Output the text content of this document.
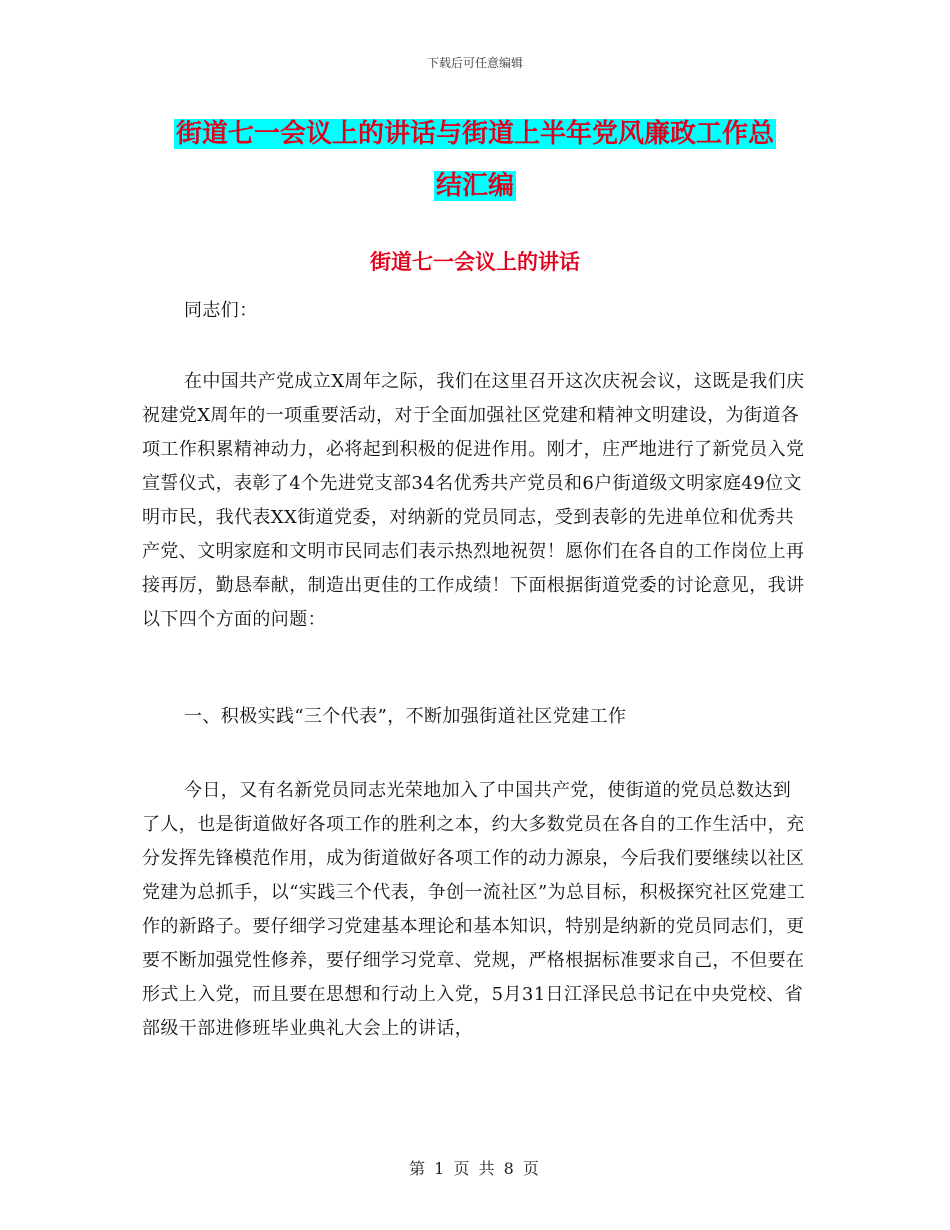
下载后可任意编辑
街道七一会议上的讲话与街道上半年党风廉政工作总
结汇编
街道七一会议上的讲话
同志们：
在中国共产党成立X周年之际，我们在这里召开这次庆祝会议，这既是我们庆祝建党X周年的一项重要活动，对于全面加强社区党建和精神文明建设，为街道各项工作积累精神动力，必将起到积极的促进作用。刚才，庄严地进行了新党员入党宣誓仪式，表彰了4个先进党支部34名优秀共产党员和6户街道级文明家庭49位文明市民，我代表XX街道党委，对纳新的党员同志，受到表彰的先进单位和优秀共产党、文明家庭和文明市民同志们表示热烈地祝贺！愿你们在各自的工作岗位上再接再厉，勤恳奉献，制造出更佳的工作成绩！下面根据街道党委的讨论意见，我讲以下四个方面的问题：
一、积极实践“三个代表”，不断加强街道社区党建工作
今日，又有名新党员同志光荣地加入了中国共产党，使街道的党员总数达到了人，也是街道做好各项工作的胜利之本，约大多数党员在各自的工作生活中，充分发挥先锋模范作用，成为街道做好各项工作的动力源泉，今后我们要继续以社区党建为总抓手，以“实践三个代表，争创一流社区”为总目标，积极探究社区党建工作的新路子。要仔细学习党建基本理论和基本知识，特别是纳新的党员同志们，更要不断加强党性修养，要仔细学习党章、党规，严格根据标准要求自己，不但要在形式上入党，而且要在思想和行动上入党，5月31日江泽民总书记在中央党校、省部级干部进修班毕业典礼大会上的讲话，
第 1 页 共 8 页
